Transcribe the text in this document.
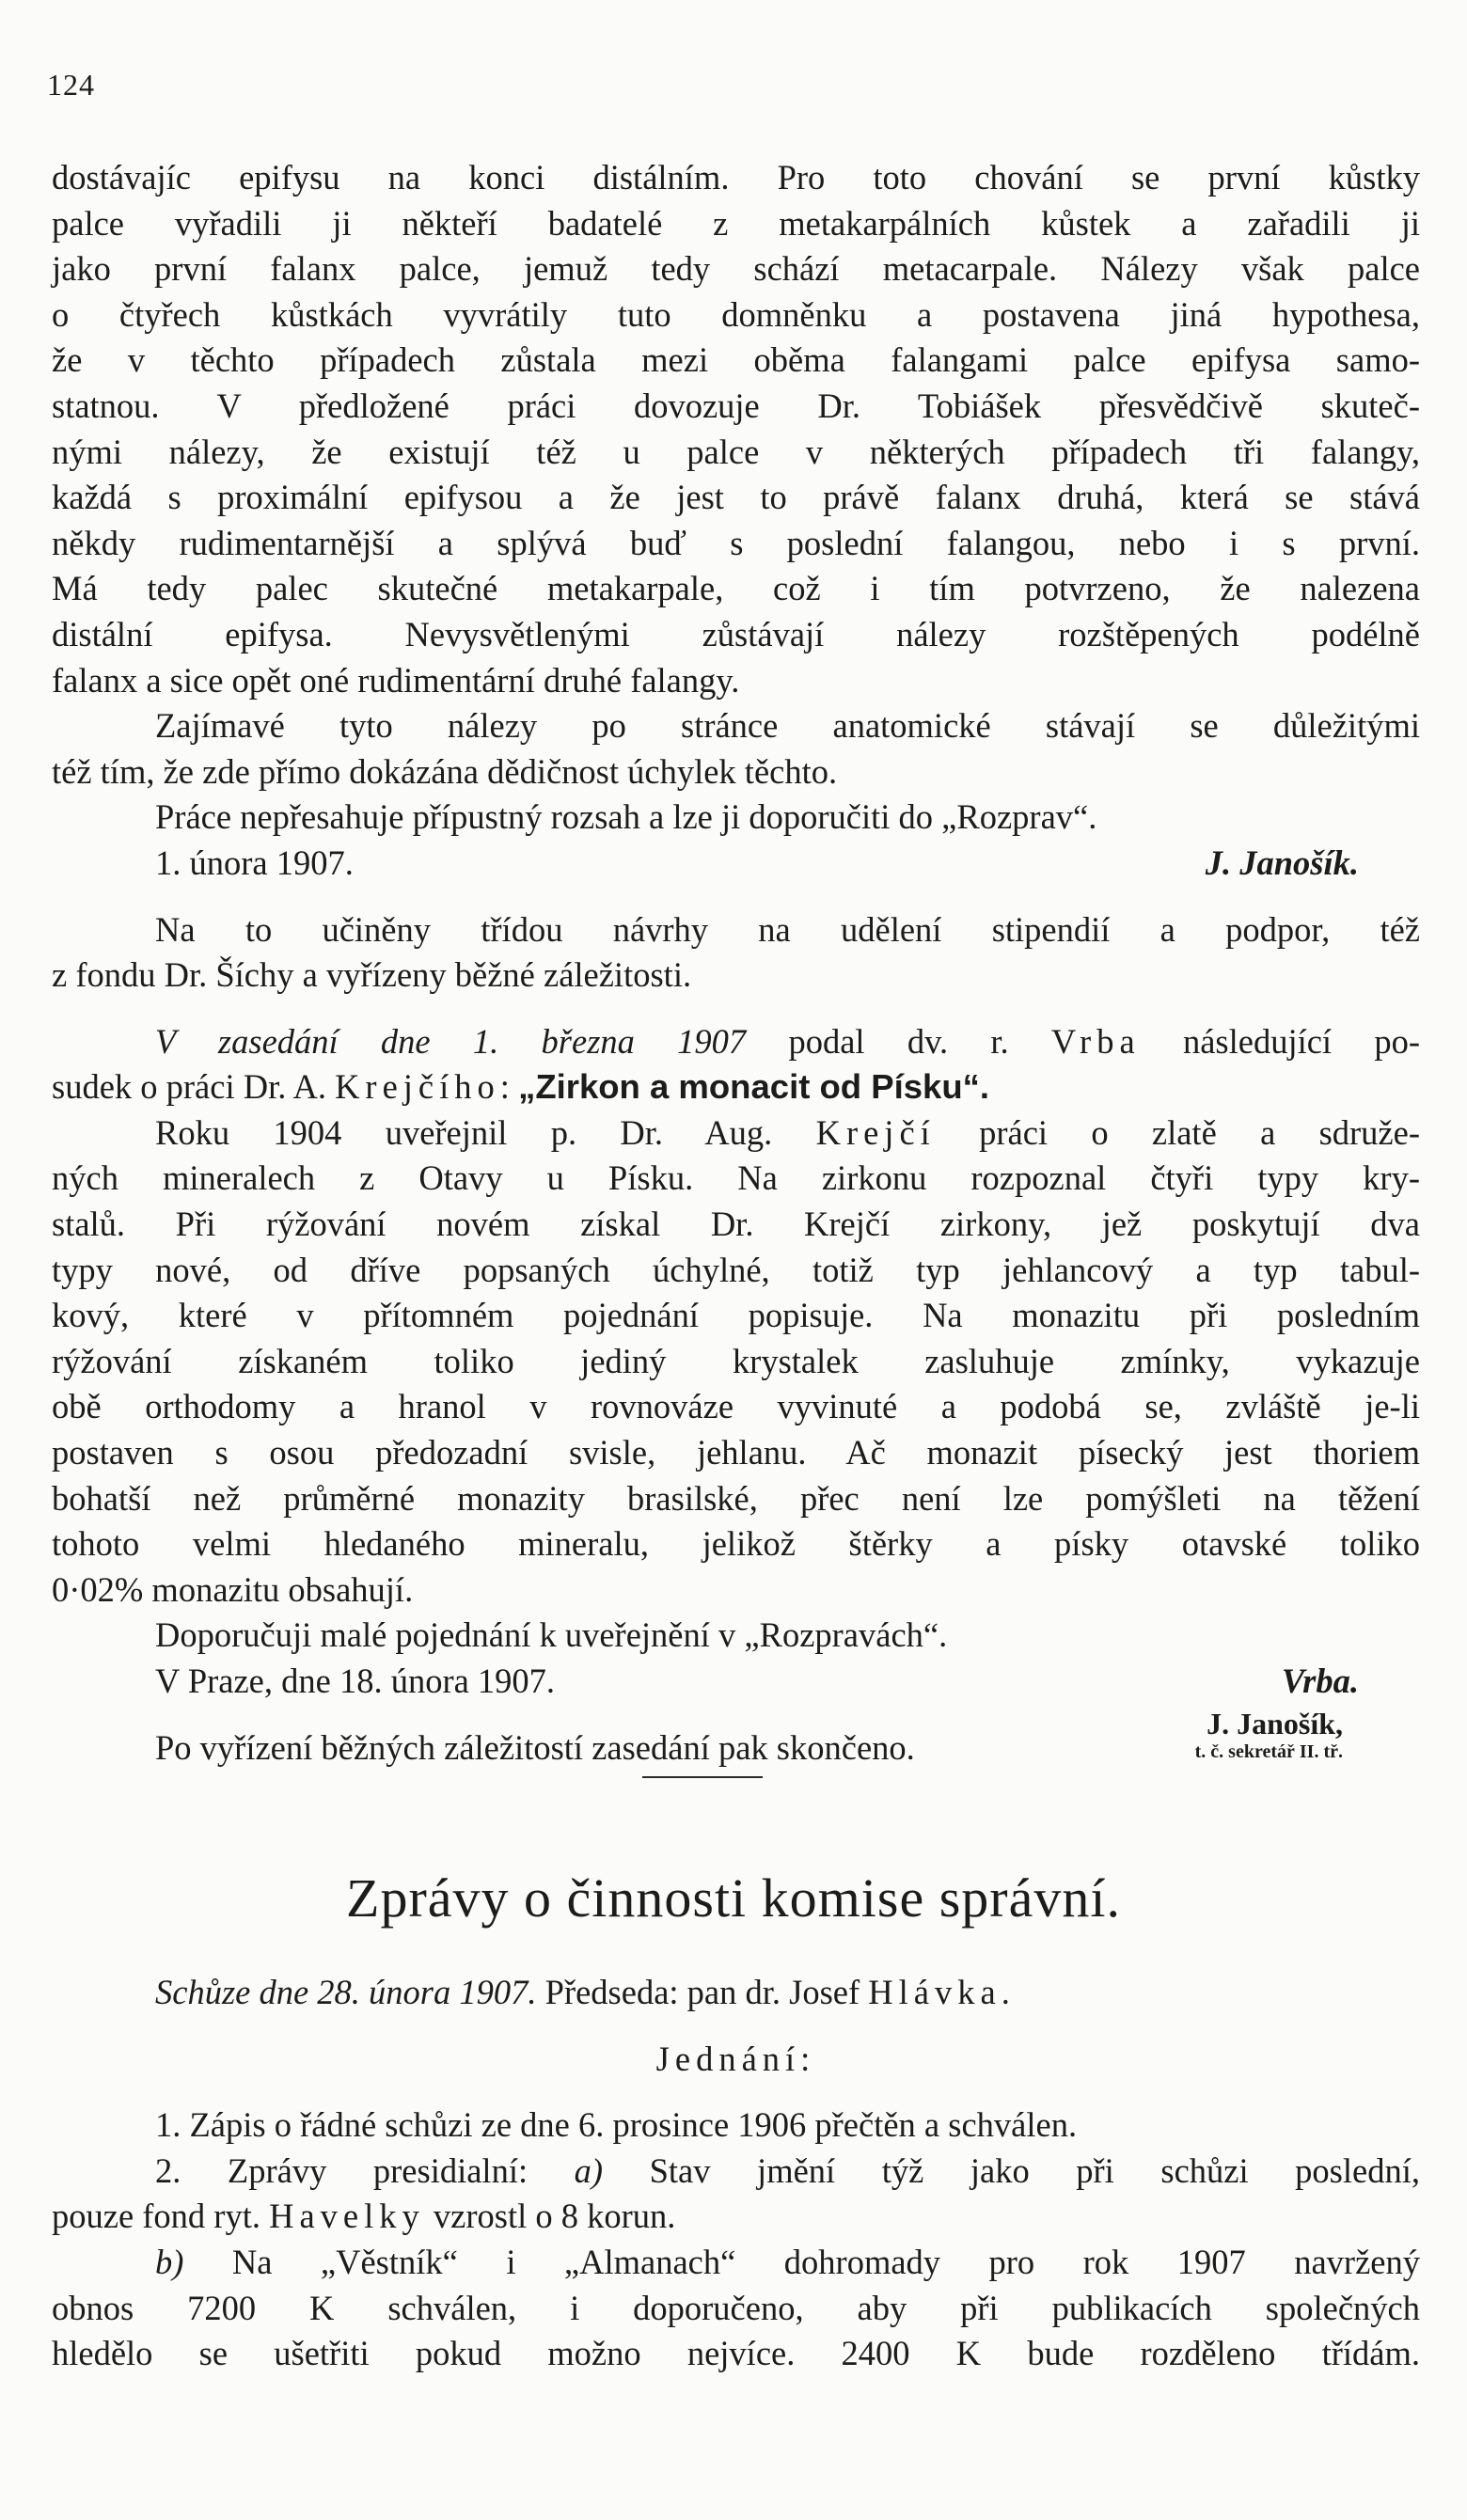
124

dostávajíc epifysu na konci distálním. Pro toto chování se první kůstky

palce vyřadili ji někteří badatelé z metakarpálních kůstek a zařadili ji

jako první falanx palce, jemuž tedy schází metacarpale. Nálezy však palce

o čtyřech kůstkách vyvrátily tuto domněnku a postavena jiná hypothesa,

že v těchto případech zůstala mezi oběma falangami palce epifysa samo-

statnou. V předložené práci dovozuje Dr. Tobiášek přesvědčivě skuteč-

nými nálezy, že existují též u palce v některých případech tři falangy,

každá s proximální epifysou a že jest to právě falanx druhá, která se stává

někdy rudimentarnější a splývá buď s poslední falangou, nebo i s první.

Má tedy palec skutečné metakarpale, což i tím potvrzeno, že nalezena

distální epifysa. Nevysvětlenými zůstávají nálezy rozštěpených podélně

falanx a sice opět oné rudimentární druhé falangy.

Zajímavé tyto nálezy po stránce anatomické stávají se důležitými

též tím, že zde přímo dokázána dědičnost úchylek těchto.

Práce nepřesahuje přípustný rozsah a lze ji doporučiti do „Rozprav“.

1. února 1907.	J. Janošík.

Na to učiněny třídou návrhy na udělení stipendií a podpor, též

z fondu Dr. Šíchy a vyřízeny běžné záležitosti.

V zasedání dne 1. března 1907 podal dv. r. Vrba následující po-

sudek o práci Dr. A. Krejčího: „Zirkon a monacit od Písku“.

Roku 1904 uveřejnil p. Dr. Aug. Krejčí práci o zlatě a sdruže-

ných mineralech z Otavy u Písku. Na zirkonu rozpoznal čtyři typy kry-

stalů. Při rýžování novém získal Dr. Krejčí zirkony, jež poskytují dva

typy nové, od dříve popsaných úchylné, totiž typ jehlancový a typ tabul-

kový, které v přítomném pojednání popisuje. Na monazitu při posledním

rýžování získaném toliko jediný krystalek zasluhuje zmínky, vykazuje

obě orthodomy a hranol v rovnováze vyvinuté a podobá se, zvláště je-li

postaven s osou předozadní svisle, jehlanu. Ač monazit písecký jest thoriem

bohatší než průměrné monazity brasilské, přec není lze pomýšleti na těžení

tohoto velmi hledaného mineralu, jelikož štěrky a písky otavské toliko

0·02% monazitu obsahují.

Doporučuji malé pojednání k uveřejnění v „Rozpravách“.

V Praze, dne 18. února 1907.	Vrba.

Po vyřízení běžných záležitostí zasedání pak skončeno.

J. Janošík,
t. č. sekretář II. tř.
Zprávy o činnosti komise správní.

Schůze dne 28. února 1907. Předseda: pan dr. Josef Hlávka.

Jednání:

1. Zápis o řádné schůzi ze dne 6. prosince 1906 přečtěn a schválen.

2. Zprávy presidialní: a) Stav jmění týž jako při schůzi poslední,

pouze fond ryt. Havelky vzrostl o 8 korun.

b) Na „Věstník“ i „Almanach“ dohromady pro rok 1907 navržený

obnos 7200 K schválen, i doporučeno, aby při publikacích společných

hledělo se ušetřiti pokud možno nejvíce. 2400 K bude rozděleno třídám.
